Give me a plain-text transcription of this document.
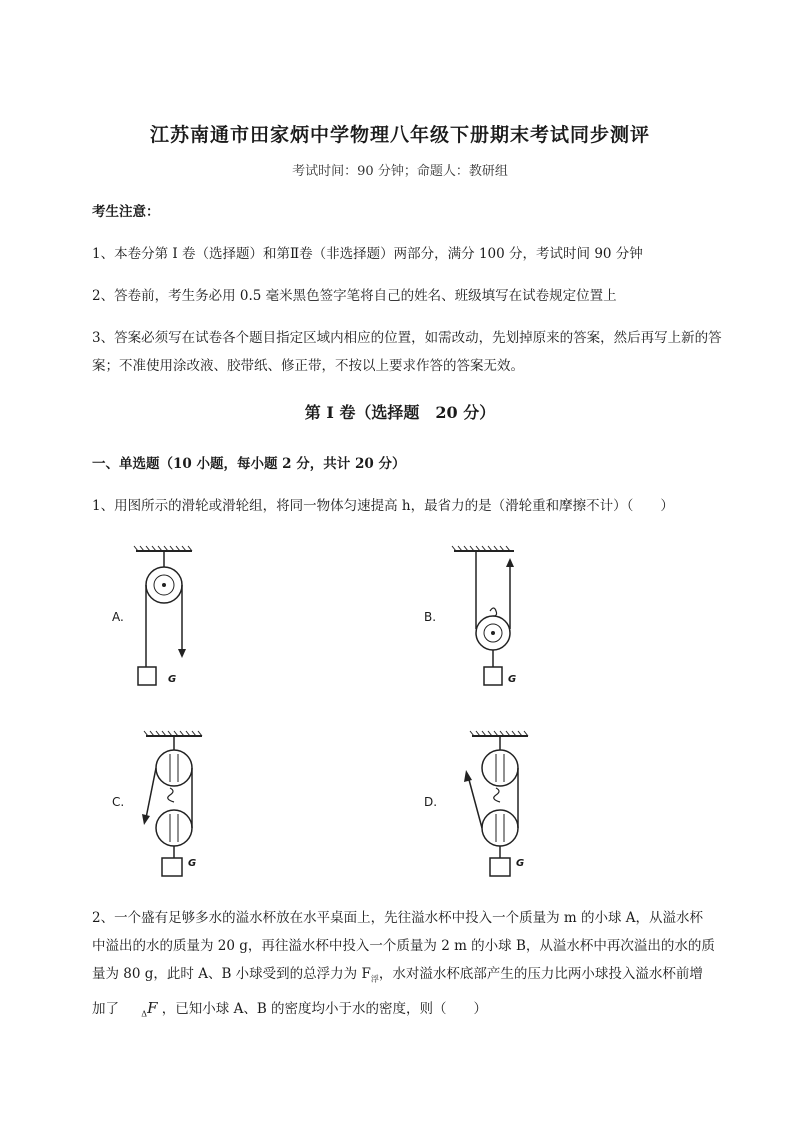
江苏南通市田家炳中学物理八年级下册期末考试同步测评
考试时间：90 分钟；命题人：教研组
考生注意：
1、本卷分第 I 卷（选择题）和第Ⅱ卷（非选择题）两部分，满分 100 分，考试时间 90 分钟
2、答卷前，考生务必用 0.5 毫米黑色签字笔将自己的姓名、班级填写在试卷规定位置上
3、答案必须写在试卷各个题目指定区域内相应的位置，如需改动，先划掉原来的答案，然后再写上新的答案；不准使用涂改液、胶带纸、修正带，不按以上要求作答的答案无效。
第 I 卷（选择题　20 分）
一、单选题（10 小题，每小题 2 分，共计 20 分）
1、用图所示的滑轮或滑轮组，将同一物体匀速提高 h，最省力的是（滑轮重和摩擦不计）（　　）
A.
G
B.
G
C.
G
D.
G
2、一个盛有足够多水的溢水杯放在水平桌面上，先往溢水杯中投入一个质量为 m 的小球 A，从溢水杯
中溢出的水的质量为 20 g，再往溢水杯中投入一个质量为 2 m 的小球 B，从溢水杯中再次溢出的水的质
量为 80 g，此时 A、B 小球受到的总浮力为 $F_浮$，水对溢水杯底部产生的压力比两小球投入溢水杯前增
加了	$_\Delta$F ，已知小球 A、B 的密度均小于水的密度，则（　　）
